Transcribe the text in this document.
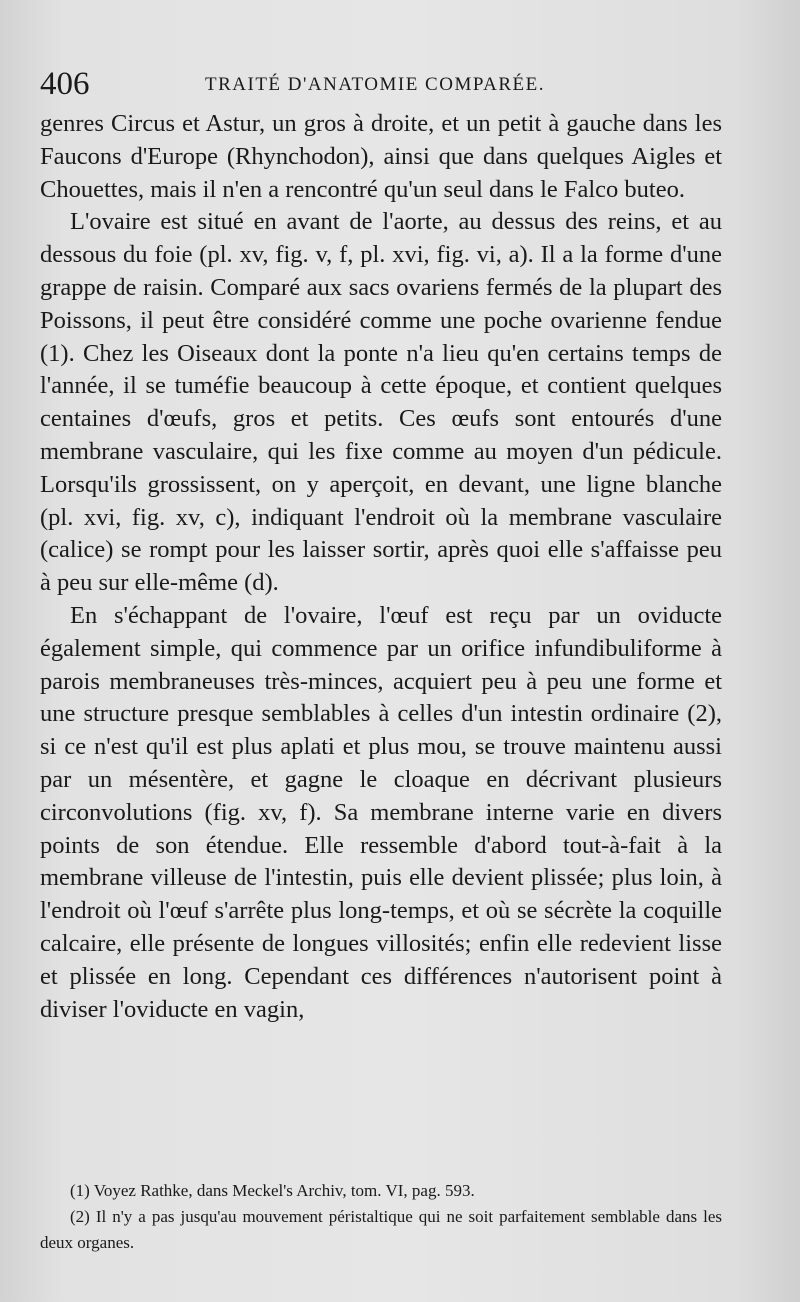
406	TRAITÉ D'ANATOMIE COMPARÉE.

genres Circus et Astur, un gros à droite, et un petit à gauche dans les Faucons d'Europe (Rhynchodon), ainsi que dans quelques Aigles et Chouettes, mais il n'en a rencontré qu'un seul dans le Falco buteo.

L'ovaire est situé en avant de l'aorte, au dessus des reins, et au dessous du foie (pl. xv, fig. v, f, pl. xvi, fig. vi, a). Il a la forme d'une grappe de raisin. Comparé aux sacs ovariens fermés de la plupart des Poissons, il peut être considéré comme une poche ovarienne fendue (1). Chez les Oiseaux dont la ponte n'a lieu qu'en certains temps de l'année, il se tuméfie beaucoup à cette époque, et contient quelques centaines d'œufs, gros et petits. Ces œufs sont entourés d'une membrane vasculaire, qui les fixe comme au moyen d'un pédicule. Lorsqu'ils grossissent, on y aperçoit, en devant, une ligne blanche (pl. xvi, fig. xv, c), indiquant l'endroit où la membrane vasculaire (calice) se rompt pour les laisser sortir, après quoi elle s'affaisse peu à peu sur elle-même (d).

En s'échappant de l'ovaire, l'œuf est reçu par un oviducte également simple, qui commence par un orifice infundibuliforme à parois membraneuses très-minces, acquiert peu à peu une forme et une structure presque semblables à celles d'un intestin ordinaire (2), si ce n'est qu'il est plus aplati et plus mou, se trouve maintenu aussi par un mésentère, et gagne le cloaque en décrivant plusieurs circonvolutions (fig. xv, f). Sa membrane interne varie en divers points de son étendue. Elle ressemble d'abord tout-à-fait à la membrane villeuse de l'intestin, puis elle devient plissée; plus loin, à l'endroit où l'œuf s'arrête plus long-temps, et où se sécrète la coquille calcaire, elle présente de longues villosités; enfin elle redevient lisse et plissée en long. Cependant ces différences n'autorisent point à diviser l'oviducte en vagin,

(1) Voyez Rathke, dans Meckel's Archiv, tom. VI, pag. 593.

(2) Il n'y a pas jusqu'au mouvement péristaltique qui ne soit parfaitement semblable dans les deux organes.
